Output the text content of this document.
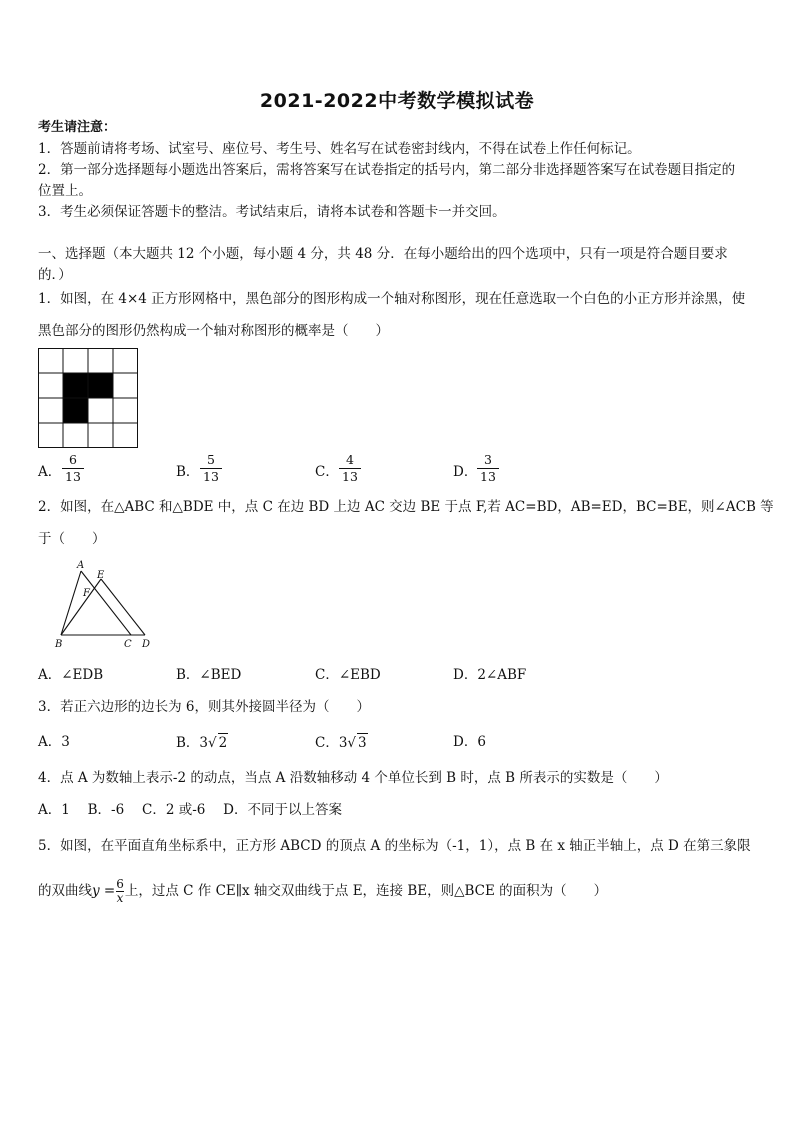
2021-2022中考数学模拟试卷
考生请注意：
1．答题前请将考场、试室号、座位号、考生号、姓名写在试卷密封线内，不得在试卷上作任何标记。
2．第一部分选择题每小题选出答案后，需将答案写在试卷指定的括号内，第二部分非选择题答案写在试卷题目指定的
位置上。
3．考生必须保证答题卡的整洁。考试结束后，请将本试卷和答题卡一并交回。
一、选择题（本大题共 12 个小题，每小题 4 分，共 48 分．在每小题给出的四个选项中，只有一项是符合题目要求
的．）
1．如图，在 4×4 正方形网格中，黑色部分的图形构成一个轴对称图形，现在任意选取一个白色的小正方形并涂黑，使
黑色部分的图形仍然构成一个轴对称图形的概率是（　　）
A．
6
13	B．
5
13	C．
4
13	D．
3
13
2．如图，在△ABC 和△BDE 中，点 C 在边 BD 上边 AC 交边 BE 于点 F,若 AC=BD，AB=ED，BC=BE，则∠ACB 等
于（　　）
A
E
F
B	C D
A．∠EDB	B．∠BED	C．∠EBD	D．2∠ABF
3．若正六边形的边长为 6，则其外接圆半径为（　　）
A．3	B．3√ 2	C．3√ 3	D．6
4．点 A 为数轴上表示-2 的动点，当点 A 沿数轴移动 4 个单位长到 B 时，点 B 所表示的实数是（　　）
A．1　 B．-6　 C．2 或-6　 D．不同于以上答案
5．如图，在平面直角坐标系中，正方形 ABCD 的顶点 A 的坐标为（-1，1），点 B 在 x 轴正半轴上，点 D 在第三象限
的双曲线$y =\frac{6}{x}$上，过点 C 作 CE∥x 轴交双曲线于点 E，连接 BE，则△BCE 的面积为（　　）
